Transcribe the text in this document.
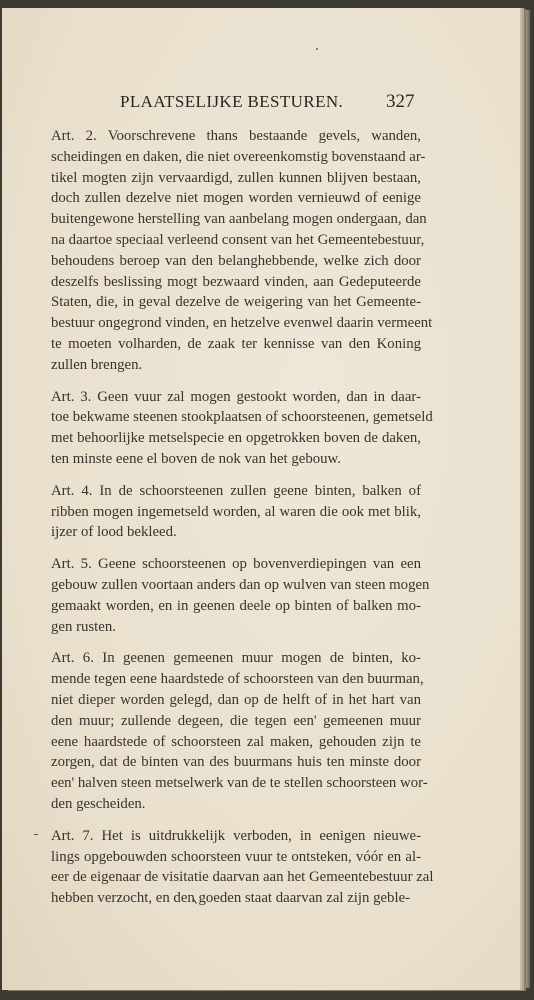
PLAATSELIJKE BESTUREN. 327
Art. 2. Voorschrevene thans bestaande gevels, wanden,
scheidingen en daken, die niet overeenkomstig bovenstaand ar-
tikel mogten zijn vervaardigd, zullen kunnen blijven bestaan,
doch zullen dezelve niet mogen worden vernieuwd of eenige
buitengewone herstelling van aanbelang mogen ondergaan, dan
na daartoe speciaal verleend consent van het Gemeentebestuur,
behoudens beroep van den belanghebbende, welke zich door
deszelfs beslissing mogt bezwaard vinden, aan Gedeputeerde
Staten, die, in geval dezelve de weigering van het Gemeente-
bestuur ongegrond vinden, en hetzelve evenwel daarin vermeent
te moeten volharden, de zaak ter kennisse van den Koning
zullen brengen.
Art. 3. Geen vuur zal mogen gestookt worden, dan in daar-
toe bekwame steenen stookplaatsen of schoorsteenen, gemetseld
met behoorlijke metselspecie en opgetrokken boven de daken,
ten minste eene el boven de nok van het gebouw.
Art. 4. In de schoorsteenen zullen geene binten, balken of
ribben mogen ingemetseld worden, al waren die ook met blik,
ijzer of lood bekleed.
Art. 5. Geene schoorsteenen op bovenverdiepingen van een
gebouw zullen voortaan anders dan op wulven van steen mogen
gemaakt worden, en in geenen deele op binten of balken mo-
gen rusten.
Art. 6. In geenen gemeenen muur mogen de binten, ko-
mende tegen eene haardstede of schoorsteen van den buurman,
niet dieper worden gelegd, dan op de helft of in het hart van
den muur; zullende degeen, die tegen een' gemeenen muur
eene haardstede of schoorsteen zal maken, gehouden zijn te
zorgen, dat de binten van des buurmans huis ten minste door
een' halven steen metselwerk van de te stellen schoorsteen wor-
den gescheiden.
Art. 7. Het is uitdrukkelijk verboden, in eenigen nieuwe-
lings opgebouwden schoorsteen vuur te ontsteken, vóór en al-
eer de eigenaar de visitatie daarvan aan het Gemeentebestuur zal
hebben verzocht, en den goeden staat daarvan zal zijn geble-
